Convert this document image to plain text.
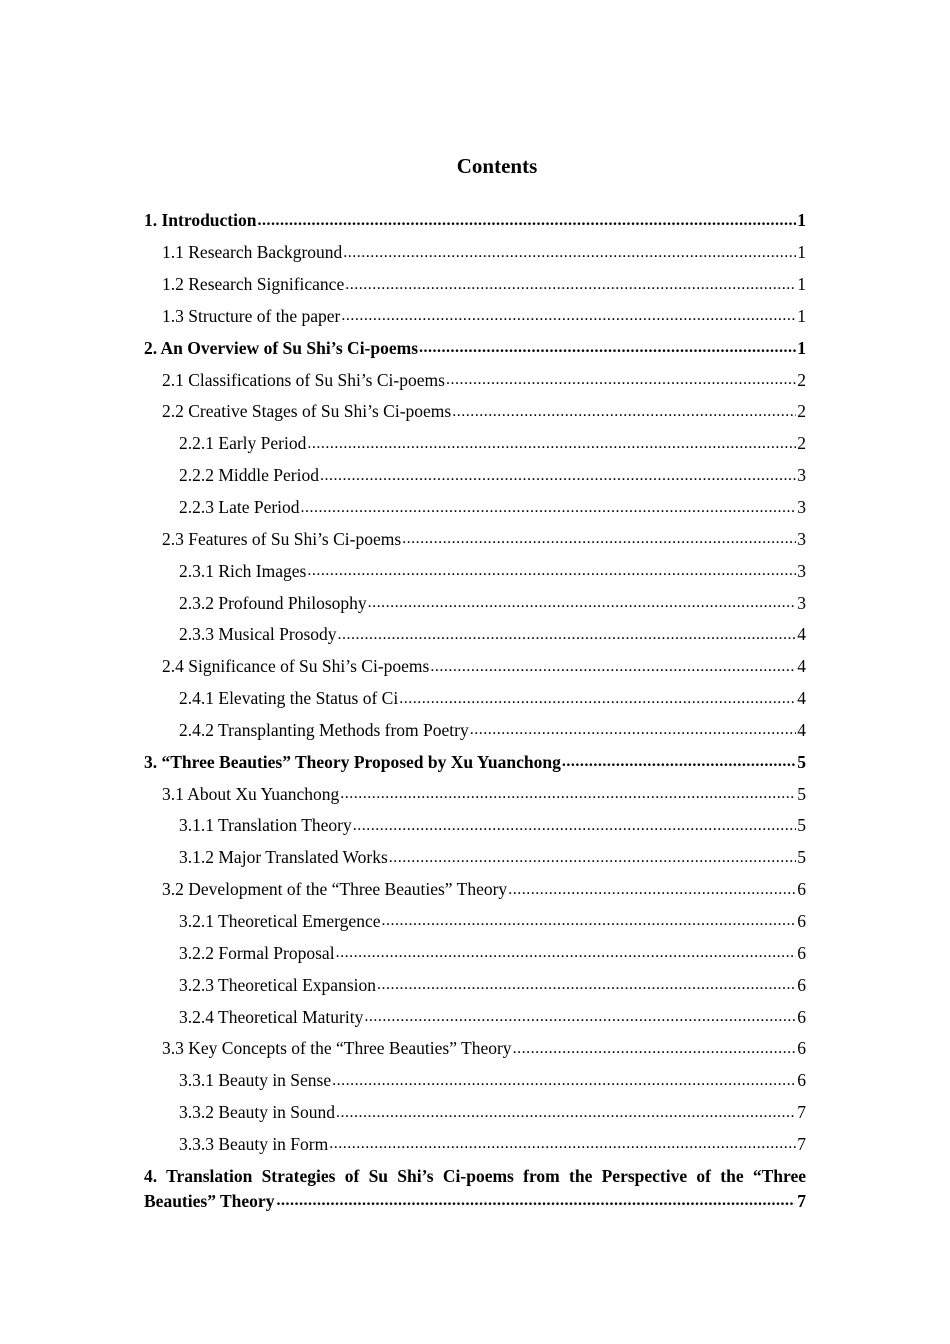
Contents
1. Introduction .....	1
1.1 Research Background .....	1
1.2 Research Significance .....	1
1.3 Structure of the paper .....	1
2. An Overview of Su Shi’s Ci-poems .....	1
2.1 Classifications of Su Shi’s Ci-poems .....	2
2.2 Creative Stages of Su Shi’s Ci-poems .....	2
2.2.1 Early Period .....	2
2.2.2 Middle Period .....	3
2.2.3 Late Period .....	3
2.3 Features of Su Shi’s Ci-poems .....	3
2.3.1 Rich Images .....	3
2.3.2 Profound Philosophy .....	3
2.3.3 Musical Prosody .....	4
2.4 Significance of Su Shi’s Ci-poems .....	4
2.4.1 Elevating the Status of Ci .....	4
2.4.2 Transplanting Methods from Poetry .....	4
3. “Three Beauties” Theory Proposed by Xu Yuanchong .....	5
3.1 About Xu Yuanchong .....	5
3.1.1 Translation Theory .....	5
3.1.2 Major Translated Works .....	5
3.2 Development of the “Three Beauties” Theory .....	6
3.2.1 Theoretical Emergence .....	6
3.2.2 Formal Proposal .....	6
3.2.3 Theoretical Expansion .....	6
3.2.4 Theoretical Maturity .....	6
3.3 Key Concepts of the “Three Beauties” Theory .....	6
3.3.1 Beauty in Sense .....	6
3.3.2 Beauty in Sound .....	7
3.3.3 Beauty in Form .....	7
4. Translation Strategies of Su Shi’s Ci-poems from the Perspective of the “Three
Beauties” Theory .....	7
